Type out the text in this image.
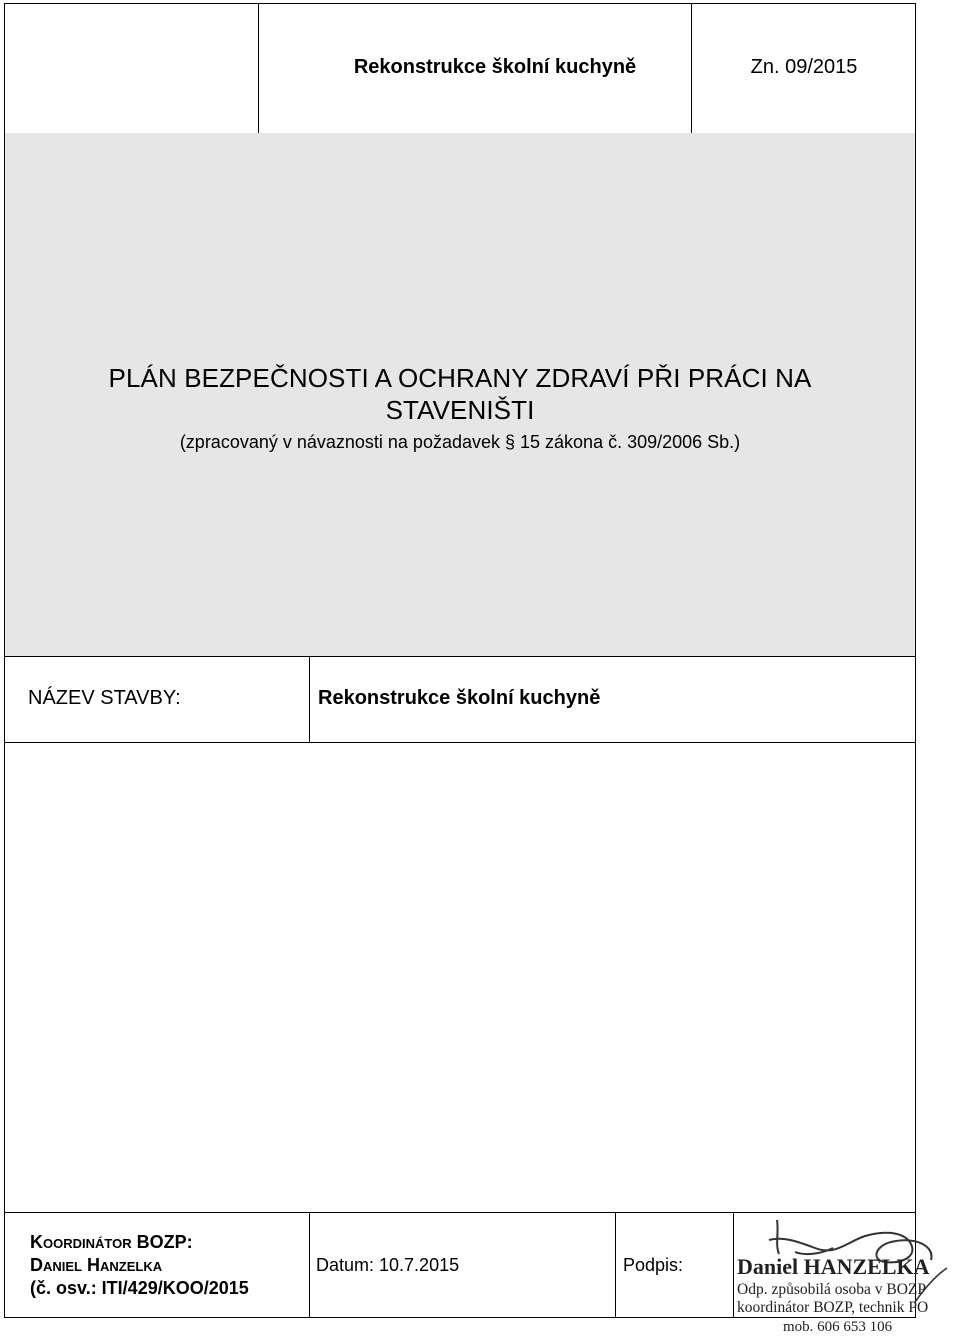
Rekonstrukce školní kuchyně	Zn. 09/2015
PLÁN BEZPEČNOSTI A OCHRANY ZDRAVÍ PŘI PRÁCI NA
STAVENIŠTI
(zpracovaný v návaznosti na požadavek § 15 zákona č. 309/2006 Sb.)
NÁZEV STAVBY:	Rekonstrukce školní kuchyně
Koordinátor BOZP:
Daniel Hanzelka
(č. osv.: ITI/429/KOO/2015
Datum: 10.7.2015	Podpis: Daniel HANZELKA
Odp. způsobilá osoba v BOZP
koordinátor BOZP, technik PO
mob. 606 653 106
